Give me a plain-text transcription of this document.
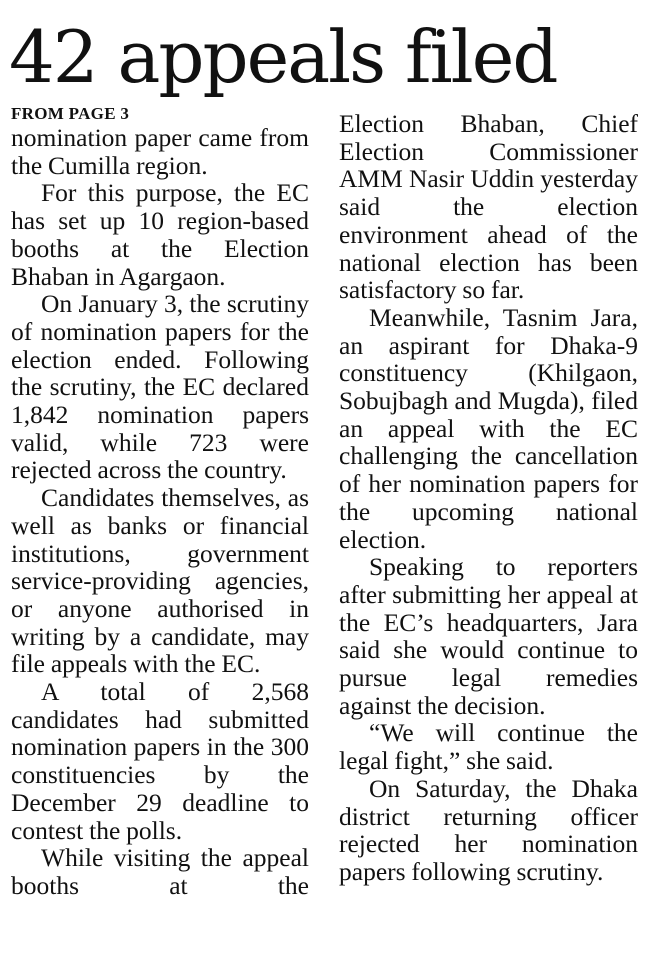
42 appeals filed

FROM PAGE 3

nomination paper came from the Cumilla region.

For this purpose, the EC has set up 10 region-based booths at the Election Bhaban in Agargaon.

On January 3, the scrutiny of nomination papers for the election ended. Following the scrutiny, the EC declared 1,842 nomination papers valid, while 723 were rejected across the country.

Candidates themselves, as well as banks or financial institutions, government service-providing agencies, or anyone authorised in writing by a candidate, may file appeals with the EC.

A total of 2,568 candidates had submitted nomination papers in the 300 constituencies by the December 29 deadline to contest the polls.

While visiting the appeal booths at the

Election Bhaban, Chief Election Commissioner AMM Nasir Uddin yesterday said the election environment ahead of the national election has been satisfactory so far.

Meanwhile, Tasnim Jara, an aspirant for Dhaka-9 constituency (Khilgaon, Sobujbagh and Mugda), filed an appeal with the EC challenging the cancellation of her nomination papers for the upcoming national election.

Speaking to reporters after submitting her appeal at the EC’s headquarters, Jara said she would continue to pursue legal remedies against the decision.

“We will continue the legal fight,” she said.

On Saturday, the Dhaka district returning officer rejected her nomination papers following scrutiny.
